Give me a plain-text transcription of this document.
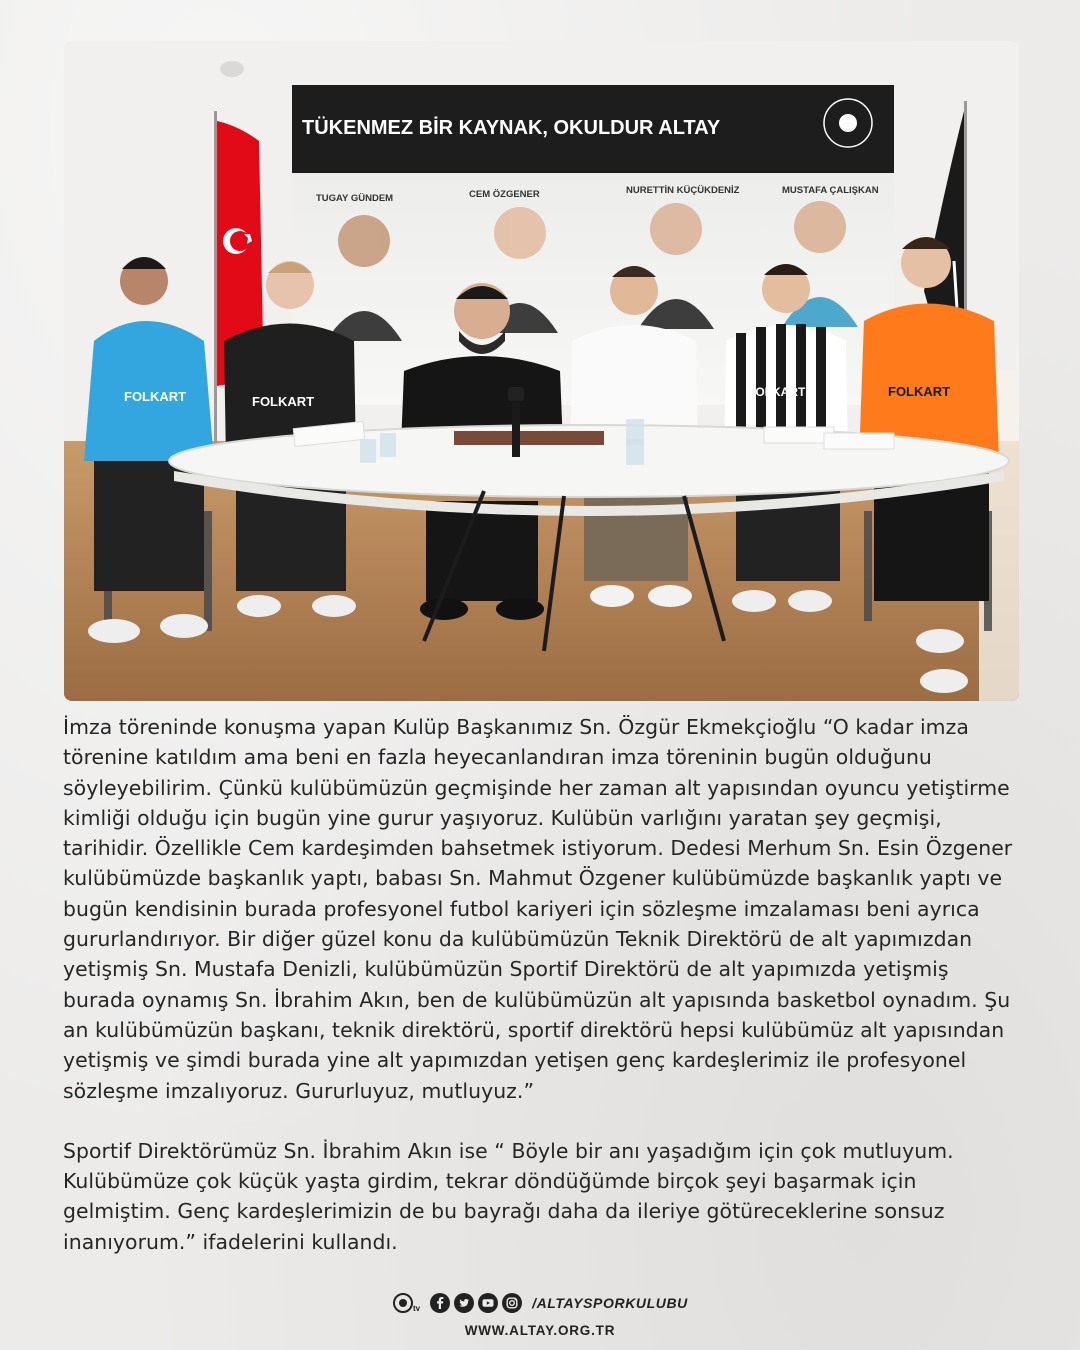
TÜKENMEZ BİR KAYNAK, OKULDUR ALTAY
TUGAY GÜNDEM	CEM ÖZGENER	NURETTİN KÜÇÜKDENİZ	MUSTAFA ÇALIŞKAN
FOLKART	FOLKART
FOLKART	FOLKART

İmza töreninde konuşma yapan Kulüp Başkanımız Sn. Özgür Ekmekçioğlu “O kadar imza törenine katıldım ama beni en fazla heyecanlandıran imza töreninin bugün olduğunu söyleyebilirim. Çünkü kulübümüzün geçmişinde her zaman alt yapısından oyuncu yetiştirme kimliği olduğu için bugün yine gurur yaşıyoruz. Kulübün varlığını yaratan şey geçmişi, tarihidir. Özellikle Cem kardeşimden bahsetmek istiyorum. Dedesi Merhum Sn. Esin Özgener kulübümüzde başkanlık yaptı, babası Sn. Mahmut Özgener kulübümüzde başkanlık yaptı ve bugün kendisinin burada profesyonel futbol kariyeri için sözleşme imzalaması beni ayrıca gururlandırıyor. Bir diğer güzel konu da kulübümüzün Teknik Direktörü de alt yapımızdan yetişmiş Sn. Mustafa Denizli, kulübümüzün Sportif Direktörü de alt yapımızda yetişmiş burada oynamış Sn. İbrahim Akın, ben de kulübümüzün alt yapısında basketbol oynadım. Şu an kulübümüzün başkanı, teknik direktörü, sportif direktörü hepsi kulübümüz alt yapısından yetişmiş ve şimdi burada yine alt yapımızdan yetişen genç kardeşlerimiz ile profesyonel sözleşme imzalıyoruz. Gururluyuz, mutluyuz.”

Sportif Direktörümüz Sn. İbrahim Akın ise “ Böyle bir anı yaşadığım için çok mutluyum. Kulübümüze çok küçük yaşta girdim, tekrar döndüğümde birçok şeyi başarmak için gelmiştim. Genç kardeşlerimizin de bu bayrağı daha da ileriye götüreceklerine sonsuz inanıyorum.” ifadelerini kullandı.

tv	/ALTAYSPORKULUBU
WWW.ALTAY.ORG.TR
